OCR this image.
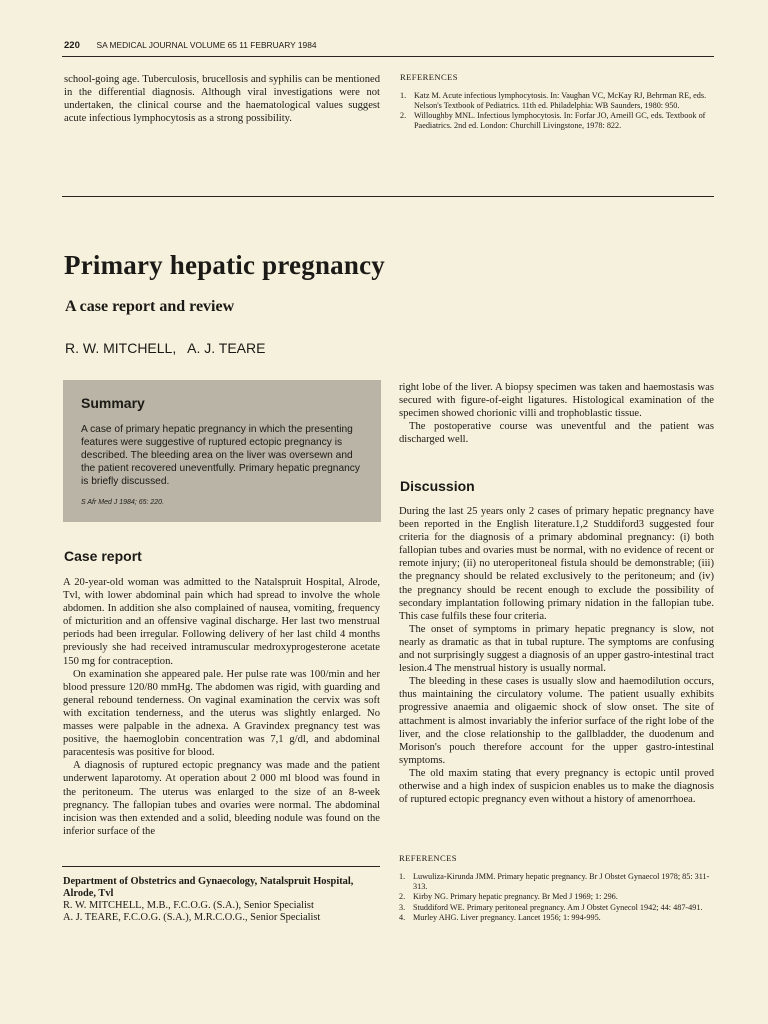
220 SA MEDICAL JOURNAL VOLUME 65 11 FEBRUARY 1984

school-going age. Tuberculosis, brucellosis and syphilis can be mentioned in the differential diagnosis. Although viral investigations were not undertaken, the clinical course and the haematological values suggest acute infectious lymphocytosis as a strong possibility.

REFERENCES
1. Katz M. Acute infectious lymphocytosis. In: Vaughan VC, McKay RJ, Behrman RE, eds. Nelson's Textbook of Pediatrics. 11th ed. Philadelphia: WB Saunders, 1980: 950.
2. Willoughby MNL. Infectious lymphocytosis. In: Forfar JO, Arneill GC, eds. Textbook of Paediatrics. 2nd ed. London: Churchill Livingstone, 1978: 822.
Primary hepatic pregnancy
A case report and review
R. W. MITCHELL,   A. J. TEARE
Summary
A case of primary hepatic pregnancy in which the presenting features were suggestive of ruptured ectopic pregnancy is described. The bleeding area on the liver was oversewn and the patient recovered uneventfully. Primary hepatic pregnancy is briefly discussed.
S Afr Med J 1984; 65: 220.
Case report

A 20-year-old woman was admitted to the Natalspruit Hospital, Alrode, Tvl, with lower abdominal pain which had spread to involve the whole abdomen. In addition she also complained of nausea, vomiting, frequency of micturition and an offensive vaginal discharge. Her last two menstrual periods had been irregular. Following delivery of her last child 4 months previously she had received intramuscular medroxyprogesterone acetate 150 mg for contraception.

On examination she appeared pale. Her pulse rate was 100/min and her blood pressure 120/80 mmHg. The abdomen was rigid, with guarding and general rebound tenderness. On vaginal examination the cervix was soft with excitation tenderness, and the uterus was slightly enlarged. No masses were palpable in the adnexa. A Gravindex pregnancy test was positive, the haemoglobin concentration was 7,1 g/dl, and abdominal paracentesis was positive for blood.

A diagnosis of ruptured ectopic pregnancy was made and the patient underwent laparotomy. At operation about 2 000 ml blood was found in the peritoneum. The uterus was enlarged to the size of an 8-week pregnancy. The fallopian tubes and ovaries were normal. The abdominal incision was then extended and a solid, bleeding nodule was found on the inferior surface of the

Department of Obstetrics and Gynaecology, Natalspruit Hospital, Alrode, Tvl
R. W. MITCHELL, M.B., F.C.O.G. (S.A.), Senior Specialist
A. J. TEARE, F.C.O.G. (S.A.), M.R.C.O.G., Senior Specialist

right lobe of the liver. A biopsy specimen was taken and haemostasis was secured with figure-of-eight ligatures. Histological examination of the specimen showed chorionic villi and trophoblastic tissue.

The postoperative course was uneventful and the patient was discharged well.

Discussion

During the last 25 years only 2 cases of primary hepatic pregnancy have been reported in the English literature.1,2 Studdiford3 suggested four criteria for the diagnosis of a primary abdominal pregnancy: (i) both fallopian tubes and ovaries must be normal, with no evidence of recent or remote injury; (ii) no uteroperitoneal fistula should be demonstrable; (iii) the pregnancy should be related exclusively to the peritoneum; and (iv) the pregnancy should be recent enough to exclude the possibility of secondary implantation following primary nidation in the fallopian tube. This case fulfils these four criteria.

The onset of symptoms in primary hepatic pregnancy is slow, not nearly as dramatic as that in tubal rupture. The symptoms are confusing and not surprisingly suggest a diagnosis of an upper gastro-intestinal tract lesion.4 The menstrual history is usually normal.

The bleeding in these cases is usually slow and haemodilution occurs, thus maintaining the circulatory volume. The patient usually exhibits progressive anaemia and oligaemic shock of slow onset. The site of attachment is almost invariably the inferior surface of the right lobe of the liver, and the close relationship to the gallbladder, the duodenum and Morison's pouch therefore account for the upper gastro-intestinal symptoms.

The old maxim stating that every pregnancy is ectopic until proved otherwise and a high index of suspicion enables us to make the diagnosis of ruptured ectopic pregnancy even without a history of amenorrhoea.

REFERENCES
1. Luwuliza-Kirunda JMM. Primary hepatic pregnancy. Br J Obstet Gynaecol 1978; 85: 311-313.
2. Kirby NG. Primary hepatic pregnancy. Br Med J 1969; 1: 296.
3. Studdiford WE. Primary peritoneal pregnancy. Am J Obstet Gynecol 1942; 44: 487-491.
4. Murley AHG. Liver pregnancy. Lancet 1956; 1: 994-995.
